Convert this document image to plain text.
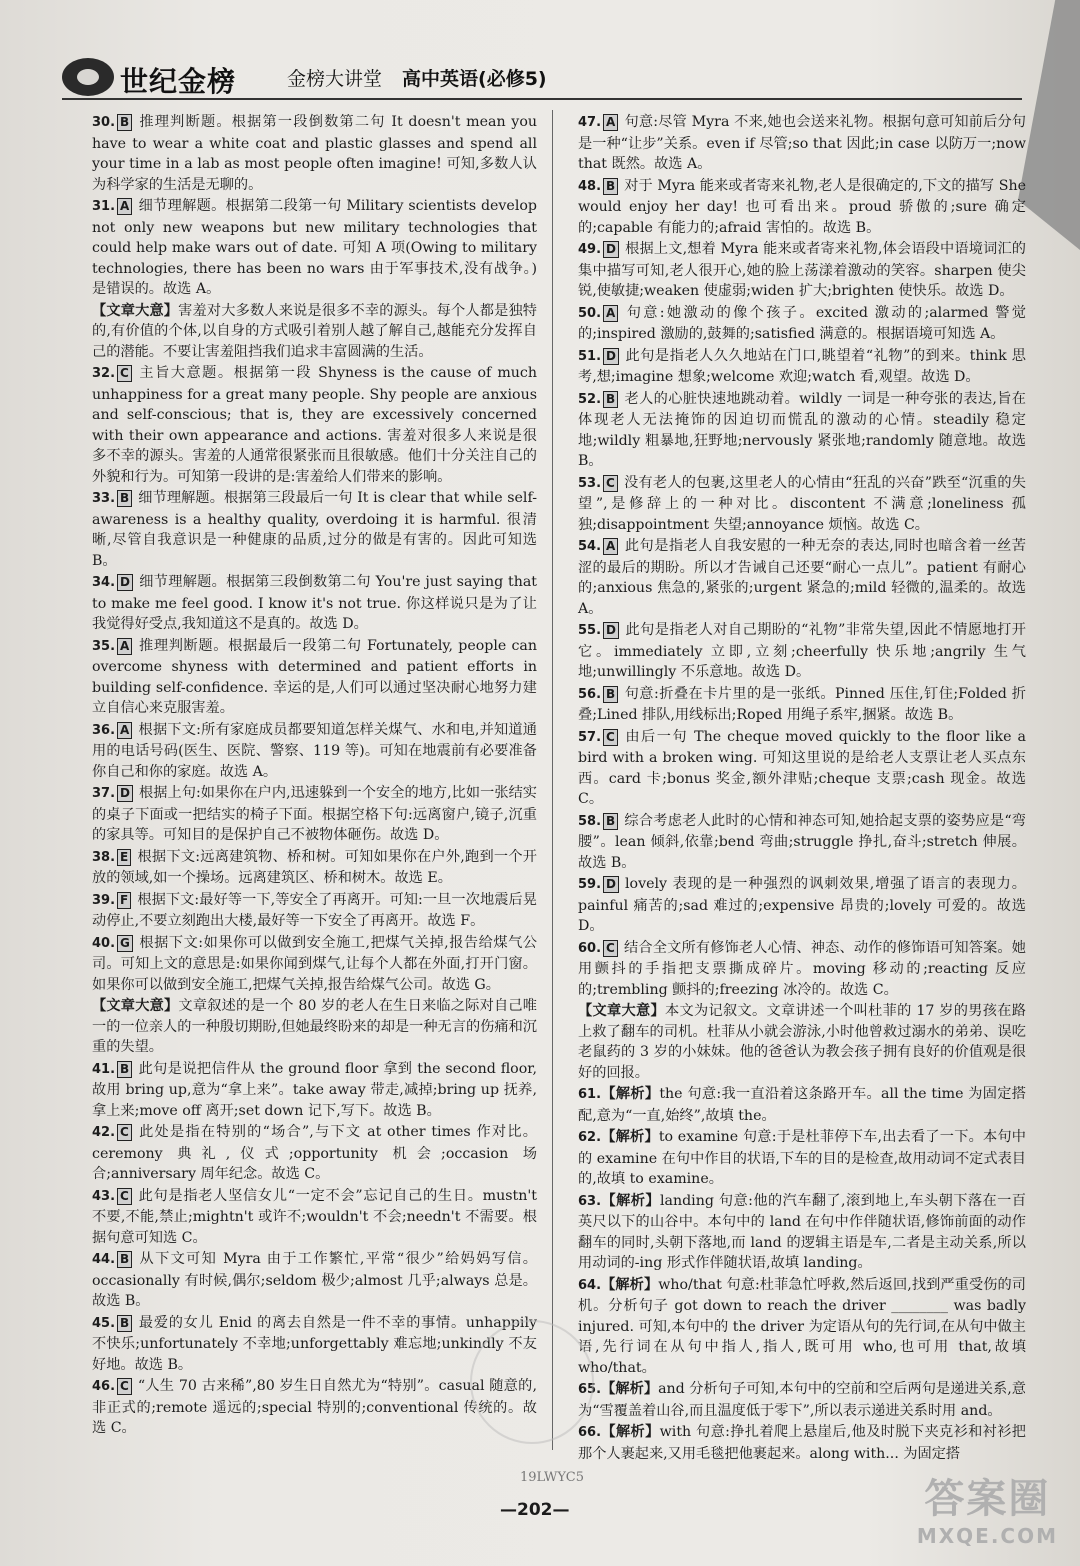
世纪金榜	金榜大讲堂 高中英语(必修5)

30. B 推理判断题。根据第一段倒数第二句 It doesn't mean you have to wear a white coat and plastic glasses and spend all your time in a lab as most people often imagine! 可知,多数人认为科学家的生活是无聊的。

31. A 细节理解题。根据第二段第一句 Military scientists develop not only new weapons but new military technologies that could help make wars out of date. 可知 A 项(Owing to military technologies, there has been no wars 由于军事技术,没有战争。)是错误的。故选 A。

【文章大意】害羞对大多数人来说是很多不幸的源头。每个人都是独特的,有价值的个体,以自身的方式吸引着别人越了解自己,越能充分发挥自己的潜能。不要让害羞阻挡我们追求丰富圆满的生活。

32. C 主旨大意题。根据第一段 Shyness is the cause of much unhappiness for a great many people. Shy people are anxious and self-conscious; that is, they are excessively concerned with their own appearance and actions. 害羞对很多人来说是很多不幸的源头。害羞的人通常很紧张而且很敏感。他们十分关注自己的外貌和行为。可知第一段讲的是:害羞给人们带来的影响。

33. B 细节理解题。根据第三段最后一句 It is clear that while self-awareness is a healthy quality, overdoing it is harmful. 很清晰,尽管自我意识是一种健康的品质,过分的做是有害的。因此可知选 B。

34. D 细节理解题。根据第三段倒数第二句 You're just saying that to make me feel good. I know it's not true. 你这样说只是为了让我觉得好受点,我知道这不是真的。故选 D。

35. A 推理判断题。根据最后一段第二句 Fortunately, people can overcome shyness with determined and patient efforts in building self-confidence. 幸运的是,人们可以通过坚决耐心地努力建立自信心来克服害羞。

36. A 根据下文:所有家庭成员都要知道怎样关煤气、水和电,并知道通用的电话号码(医生、医院、警察、119 等)。可知在地震前有必要准备你自己和你的家庭。故选 A。

37. D 根据上句:如果你在户内,迅速躲到一个安全的地方,比如一张结实的桌子下面或一把结实的椅子下面。根据空格下句:远离窗户,镜子,沉重的家具等。可知目的是保护自己不被物体砸伤。故选 D。

38. E 根据下文:远离建筑物、桥和树。可知如果你在户外,跑到一个开放的领域,如一个操场。远离建筑区、桥和树木。故选 E。

39. F 根据下文:最好等一下,等安全了再离开。可知:一旦一次地震后晃动停止,不要立刻跑出大楼,最好等一下安全了再离开。故选 F。

40. G 根据下文:如果你可以做到安全施工,把煤气关掉,报告给煤气公司。可知上文的意思是:如果你闻到煤气,让每个人都在外面,打开门窗。如果你可以做到安全施工,把煤气关掉,报告给煤气公司。故选 G。

【文章大意】文章叙述的是一个 80 岁的老人在生日来临之际对自己唯一的一位亲人的一种殷切期盼,但她最终盼来的却是一种无言的伤痛和沉重的失望。

41. B 此句是说把信件从 the ground floor 拿到 the second floor,故用 bring up,意为“拿上来”。take away 带走,减掉;bring up 抚养,拿上来;move off 离开;set down 记下,写下。故选 B。

42. C 此处是指在特别的“场合”,与下文 at other times 作对比。ceremony 典礼,仪式;opportunity 机会;occasion 场合;anniversary 周年纪念。故选 C。

43. C 此句是指老人坚信女儿“一定不会”忘记自己的生日。mustn't 不要,不能,禁止;mightn't 或许不;wouldn't 不会;needn't 不需要。根据句意可知选 C。

44. B 从下文可知 Myra 由于工作繁忙,平常“很少”给妈妈写信。occasionally 有时候,偶尔;seldom 极少;almost 几乎;always 总是。故选 B。

45. B 最爱的女儿 Enid 的离去自然是一件不幸的事情。unhappily 不快乐;unfortunately 不幸地;unforgettably 难忘地;unkindly 不友好地。故选 B。

46. C “人生 70 古来稀”,80 岁生日自然尤为“特别”。casual 随意的,非正式的;remote 遥远的;special 特别的;conventional 传统的。故选 C。

47. A 句意:尽管 Myra 不来,她也会送来礼物。根据句意可知前后分句是一种“让步”关系。even if 尽管;so that 因此;in case 以防万一;now that 既然。故选 A。

48. B 对于 Myra 能来或者寄来礼物,老人是很确定的,下文的描写 She would enjoy her day! 也可看出来。proud 骄傲的;sure 确定的;capable 有能力的;afraid 害怕的。故选 B。

49. D 根据上文,想着 Myra 能来或者寄来礼物,体会语段中语境词汇的集中描写可知,老人很开心,她的脸上荡漾着激动的笑容。sharpen 使尖锐,使敏捷;weaken 使虚弱;widen 扩大;brighten 使快乐。故选 D。

50. A 句意:她激动的像个孩子。excited 激动的;alarmed 警觉的;inspired 激励的,鼓舞的;satisfied 满意的。根据语境可知选 A。

51. D 此句是指老人久久地站在门口,眺望着“礼物”的到来。think 思考,想;imagine 想象;welcome 欢迎;watch 看,观望。故选 D。

52. B 老人的心脏快速地跳动着。wildly 一词是一种夸张的表达,旨在体现老人无法掩饰的因迫切而慌乱的激动的心情。steadily 稳定地;wildly 粗暴地,狂野地;nervously 紧张地;randomly 随意地。故选 B。

53. C 没有老人的包裹,这里老人的心情由“狂乱的兴奋”跌至“沉重的失望”,是修辞上的一种对比。discontent 不满意;loneliness 孤独;disappointment 失望;annoyance 烦恼。故选 C。

54. A 此句是指老人自我安慰的一种无奈的表达,同时也暗含着一丝苦涩的最后的期盼。所以才告诫自己还要“耐心一点儿”。patient 有耐心的;anxious 焦急的,紧张的;urgent 紧急的;mild 轻微的,温柔的。故选 A。

55. D 此句是指老人对自己期盼的“礼物”非常失望,因此不情愿地打开它。immediately 立即,立刻;cheerfully 快乐地;angrily 生气地;unwillingly 不乐意地。故选 D。

56. B 句意:折叠在卡片里的是一张纸。Pinned 压住,钉住;Folded 折叠;Lined 排队,用线标出;Roped 用绳子系牢,捆紧。故选 B。

57. C 由后一句 The cheque moved quickly to the floor like a bird with a broken wing. 可知这里说的是给老人支票让老人买点东西。card 卡;bonus 奖金,额外津贴;cheque 支票;cash 现金。故选 C。

58. B 综合考虑老人此时的心情和神态可知,她拾起支票的姿势应是“弯腰”。lean 倾斜,依靠;bend 弯曲;struggle 挣扎,奋斗;stretch 伸展。故选 B。

59. D lovely 表现的是一种强烈的讽刺效果,增强了语言的表现力。painful 痛苦的;sad 难过的;expensive 昂贵的;lovely 可爱的。故选 D。

60. C 结合全文所有修饰老人心情、神态、动作的修饰语可知答案。她用颤抖的手指把支票撕成碎片。moving 移动的;reacting 反应的;trembling 颤抖的;freezing 冰冷的。故选 C。

【文章大意】本文为记叙文。文章讲述一个叫杜菲的 17 岁的男孩在路上救了翻车的司机。杜菲从小就会游泳,小时他曾救过溺水的弟弟、误吃老鼠药的 3 岁的小妹妹。他的爸爸认为教会孩子拥有良好的价值观是很好的回报。

61.【解析】the 句意:我一直沿着这条路开车。all the time 为固定搭配,意为“一直,始终”,故填 the。

62.【解析】to examine 句意:于是杜菲停下车,出去看了一下。本句中的 examine 在句中作目的状语,下车的目的是检查,故用动词不定式表目的,故填 to examine。

63.【解析】landing 句意:他的汽车翻了,滚到地上,车头朝下落在一百英尺以下的山谷中。本句中的 land 在句中作伴随状语,修饰前面的动作翻车的同时,头朝下落地,而 land 的逻辑主语是车,二者是主动关系,所以用动词的-ing 形式作伴随状语,故填 landing。

64.【解析】who/that 句意:杜菲急忙呼救,然后返回,找到严重受伤的司机。分析句子 got down to reach the driver ________ was badly injured. 可知,本句中的 the driver 为定语从句的先行词,在从句中做主语,先行词在从句中指人,指人,既可用 who,也可用 that,故填 who/that。

65.【解析】and 分析句子可知,本句中的空前和空后两句是递进关系,意为“雪覆盖着山谷,而且温度低于零下”,所以表示递进关系时用 and。

66.【解析】with 句意:挣扎着爬上悬崖后,他及时脱下夹克衫和衬衫把那个人裹起来,又用毛毯把他裹起来。along with... 为固定搭

19LWYC5
—202—	答案圈
MXQE.COM
